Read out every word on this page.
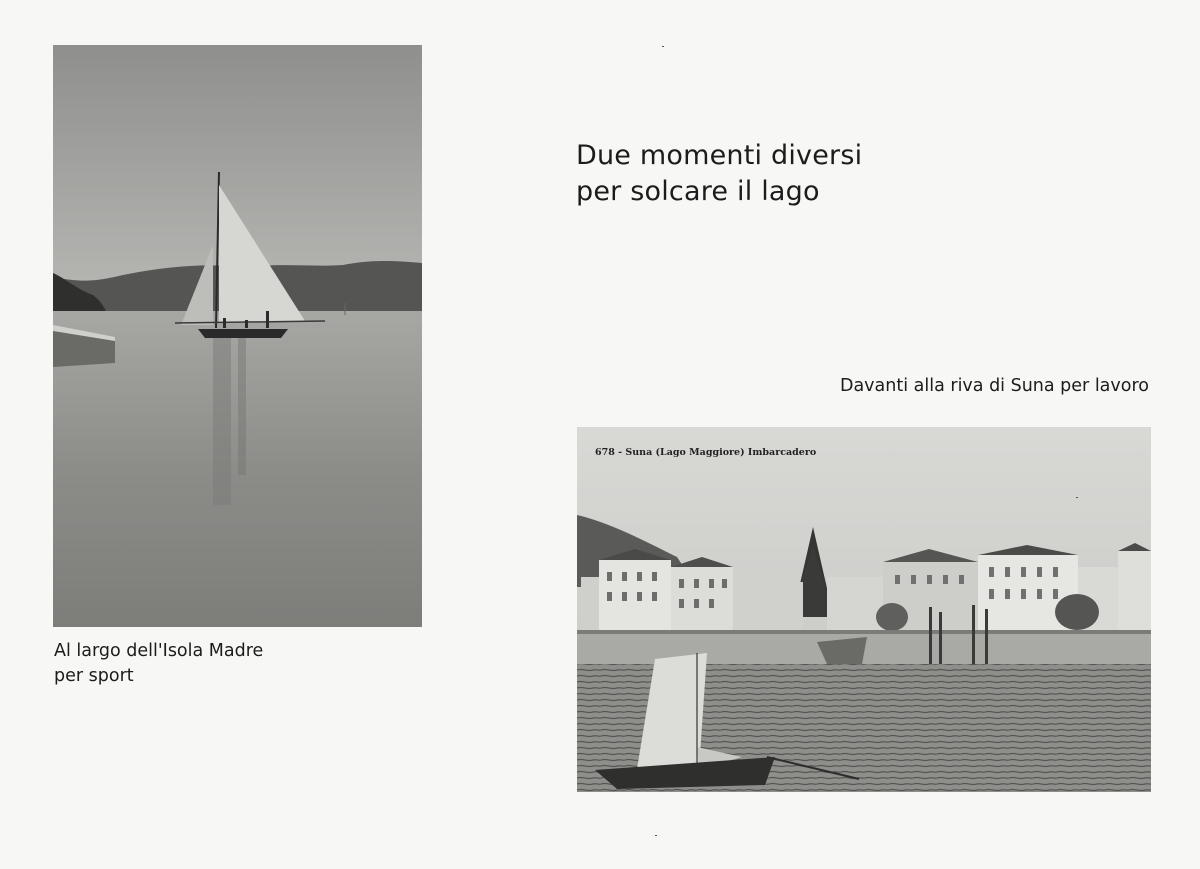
Due momenti diversi
per solcare il lago

Davanti alla riva di Suna per lavoro

678 - Suna (Lago Maggiore) Imbarcadero

Al largo dell'Isola Madre
per sport
